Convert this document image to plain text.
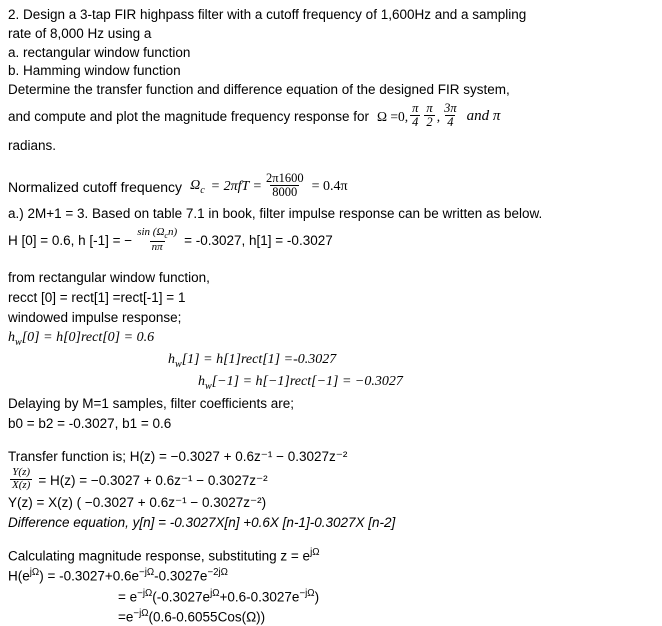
2. Design a 3-tap FIR highpass filter with a cutoff frequency of 1,600Hz and a sampling
rate of 8,000 Hz using a
a. rectangular window function
b. Hamming window function
Determine the transfer function and difference equation of the designed FIR system,
and compute and plot the magnitude frequency response for Ω =0, $\frac{\pi}{4} \frac{\pi}{2}$ , $\frac{3\pi}{4}$ and π
radians.
Normalized cutoff frequency $\Omega_c = 2\pi fT = \frac{2\pi 1600}{8000} = 0.4\pi$
a.) 2M+1 = 3. Based on table 7.1 in book, filter impulse response can be written as below.
H [0] = 0.6, h [-1] = − $\frac{\sin (\Omega_cn)}{n\pi} = -0.3027$, h[1] = -0.3027
from rectangular window function,
recct [0] = rect[1] =rect[-1] = 1
windowed impulse response;
$h_w[0]$ = h[0]rect[0] = 0.6
$h_w[1]$ = h[1]rect[1] =-0.3027
$h_w[-1]$ = h[−1]rect[−1] = −0.3027
Delaying by M=1 samples, filter coefficients are;
b0 = b2 = -0.3027, b1 = 0.6
Transfer function is; H(z) = −0.3027 + 0.6z⁻¹ − 0.3027z⁻²
$\frac{Y(z)}{X(z)} = H(z) = -0.3027 + 0.6z^{-1} - 0.3027z^{-2}$
Y(z) = X(z) ( −0.3027 + 0.6z⁻¹ − 0.3027z⁻²)
Difference equation, y[n] = -0.3027X[n] +0.6X [n-1]-0.3027X [n-2]
Calculating magnitude response, substituting $z = e^{j\Omega}$
$H(e^{j\Omega}) = -0.3027+0.6e^{-j\Omega}-0.3027e^{-2j\Omega}$
= $e^{-j\Omega}(-0.3027e^{j\Omega}+0.6-0.3027e^{-j\Omega})$
$=e^{-j\Omega}(0.6-0.6055Cos(\Omega))$
